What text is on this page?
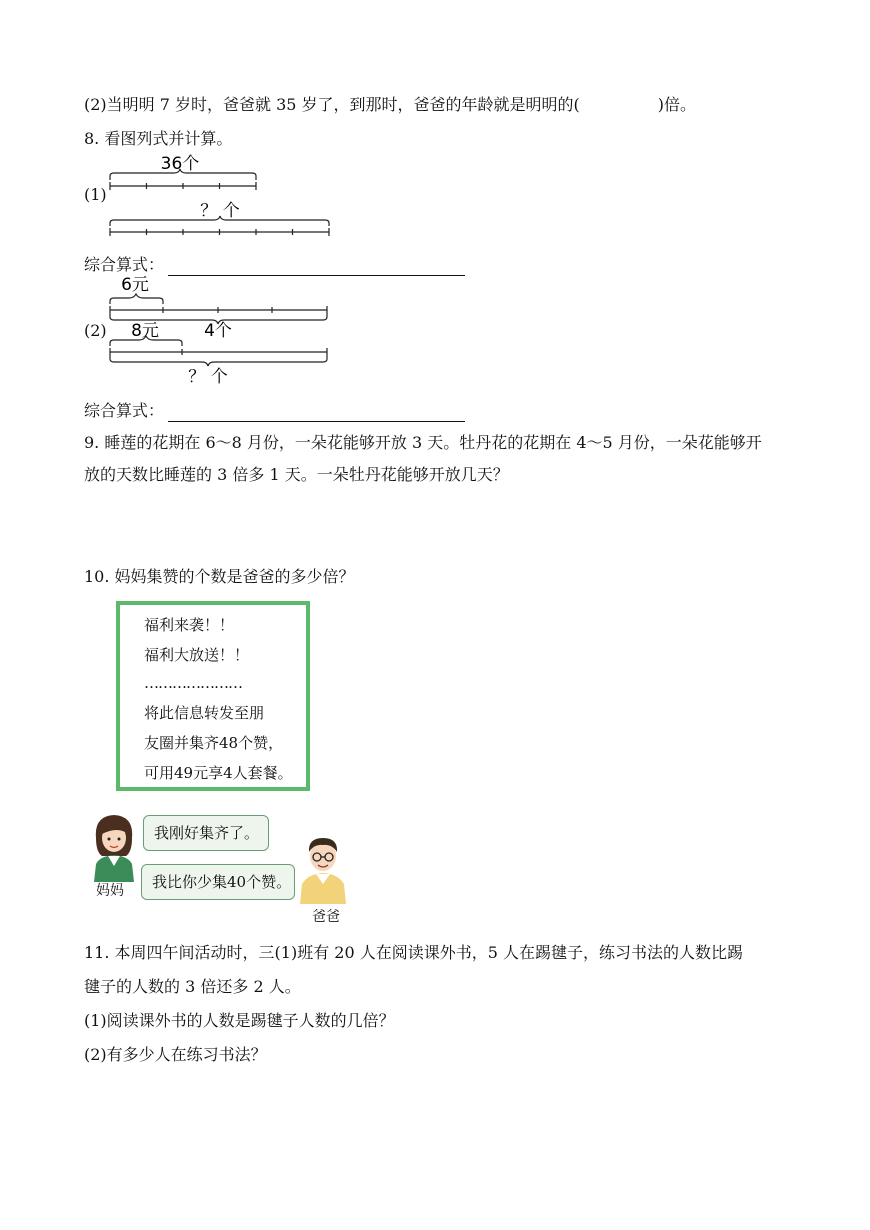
(2)当明明 7 岁时，爸爸就 35 岁了，到那时，爸爸的年龄就是明明的(	)倍。
8. 看图列式并计算。
(1)
36个
？ 个
综合算式：
(2)
6元
8元	4个
？ 个
综合算式：
9. 睡莲的花期在 6～8 月份，一朵花能够开放 3 天。牡丹花的花期在 4～5 月份，一朵花能够开
放的天数比睡莲的 3 倍多 1 天。一朵牡丹花能够开放几天？
10. 妈妈集赞的个数是爸爸的多少倍？
福利来袭！！
福利大放送！！
…………………
将此信息转发至朋
友圈并集齐48个赞，
可用49元享4人套餐。
妈妈
我刚好集齐了。
我比你少集40个赞。
爸爸
11. 本周四午间活动时，三(1)班有 20 人在阅读课外书，5 人在踢毽子，练习书法的人数比踢
毽子的人数的 3 倍还多 2 人。
(1)阅读课外书的人数是踢毽子人数的几倍？
(2)有多少人在练习书法？
